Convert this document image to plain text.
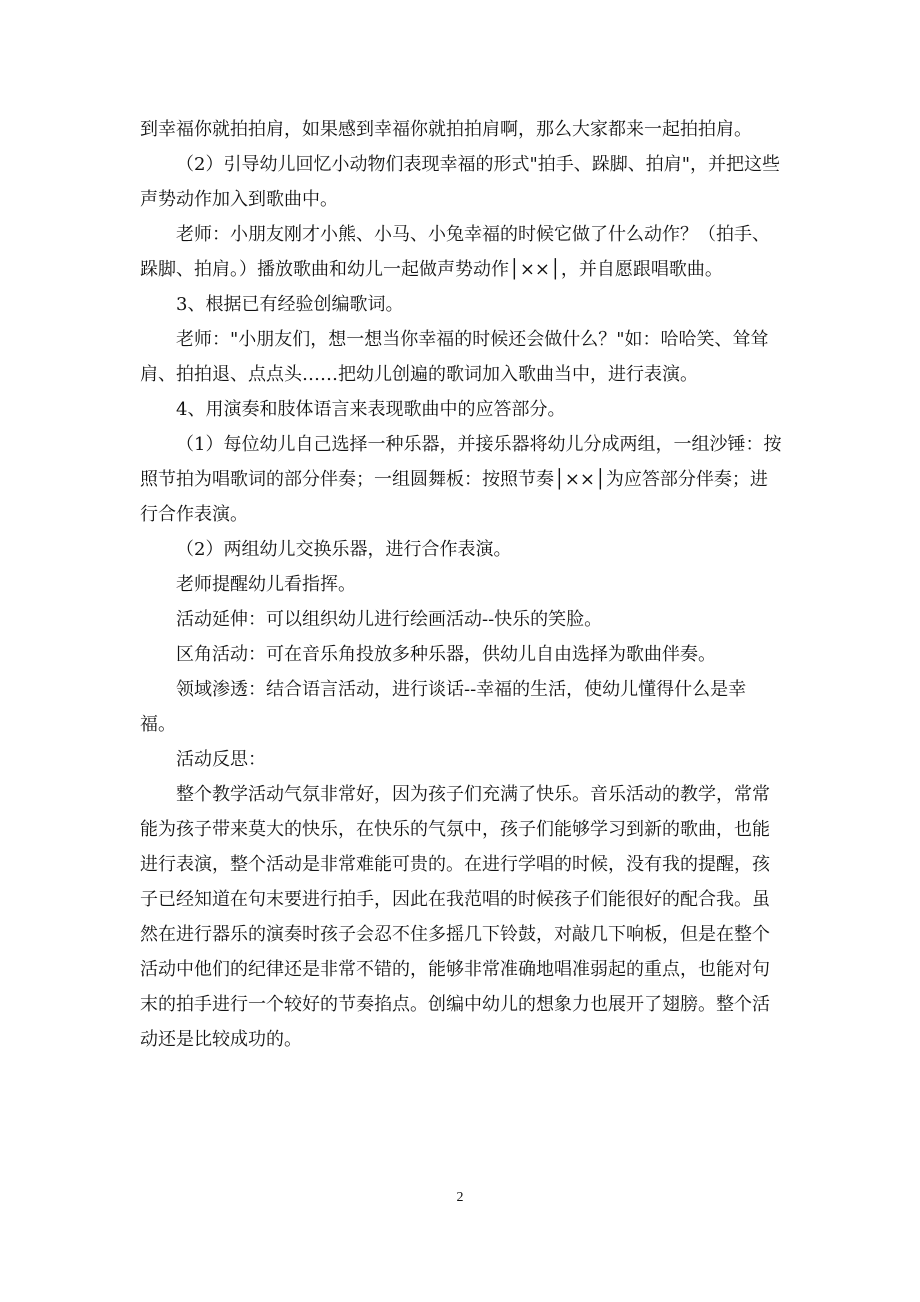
到幸福你就拍拍肩，如果感到幸福你就拍拍肩啊，那么大家都来一起拍拍肩。

（2）引导幼儿回忆小动物们表现幸福的形式"拍手、跺脚、拍肩"，并把这些声势动作加入到歌曲中。

老师：小朋友刚才小熊、小马、小兔幸福的时候它做了什么动作？（拍手、跺脚、拍肩。）播放歌曲和幼儿一起做声势动作│××│，并自愿跟唱歌曲。

3、根据已有经验创编歌词。

老师："小朋友们，想一想当你幸福的时候还会做什么？"如：哈哈笑、耸耸肩、拍拍退、点点头……把幼儿创遍的歌词加入歌曲当中，进行表演。

4、用演奏和肢体语言来表现歌曲中的应答部分。

（1）每位幼儿自己选择一种乐器，并接乐器将幼儿分成两组，一组沙锤：按照节拍为唱歌词的部分伴奏；一组圆舞板：按照节奏│××│为应答部分伴奏；进行合作表演。

（2）两组幼儿交换乐器，进行合作表演。

老师提醒幼儿看指挥。

活动延伸：可以组织幼儿进行绘画活动--快乐的笑脸。

区角活动：可在音乐角投放多种乐器，供幼儿自由选择为歌曲伴奏。

领域渗透：结合语言活动，进行谈话--幸福的生活，使幼儿懂得什么是幸福。

活动反思：

整个教学活动气氛非常好，因为孩子们充满了快乐。音乐活动的教学，常常能为孩子带来莫大的快乐，在快乐的气氛中，孩子们能够学习到新的歌曲，也能进行表演，整个活动是非常难能可贵的。在进行学唱的时候，没有我的提醒，孩子已经知道在句末要进行拍手，因此在我范唱的时候孩子们能很好的配合我。虽然在进行器乐的演奏时孩子会忍不住多摇几下铃鼓，对敲几下响板，但是在整个活动中他们的纪律还是非常不错的，能够非常准确地唱准弱起的重点，也能对句末的拍手进行一个较好的节奏掐点。创编中幼儿的想象力也展开了翅膀。整个活动还是比较成功的。

2
